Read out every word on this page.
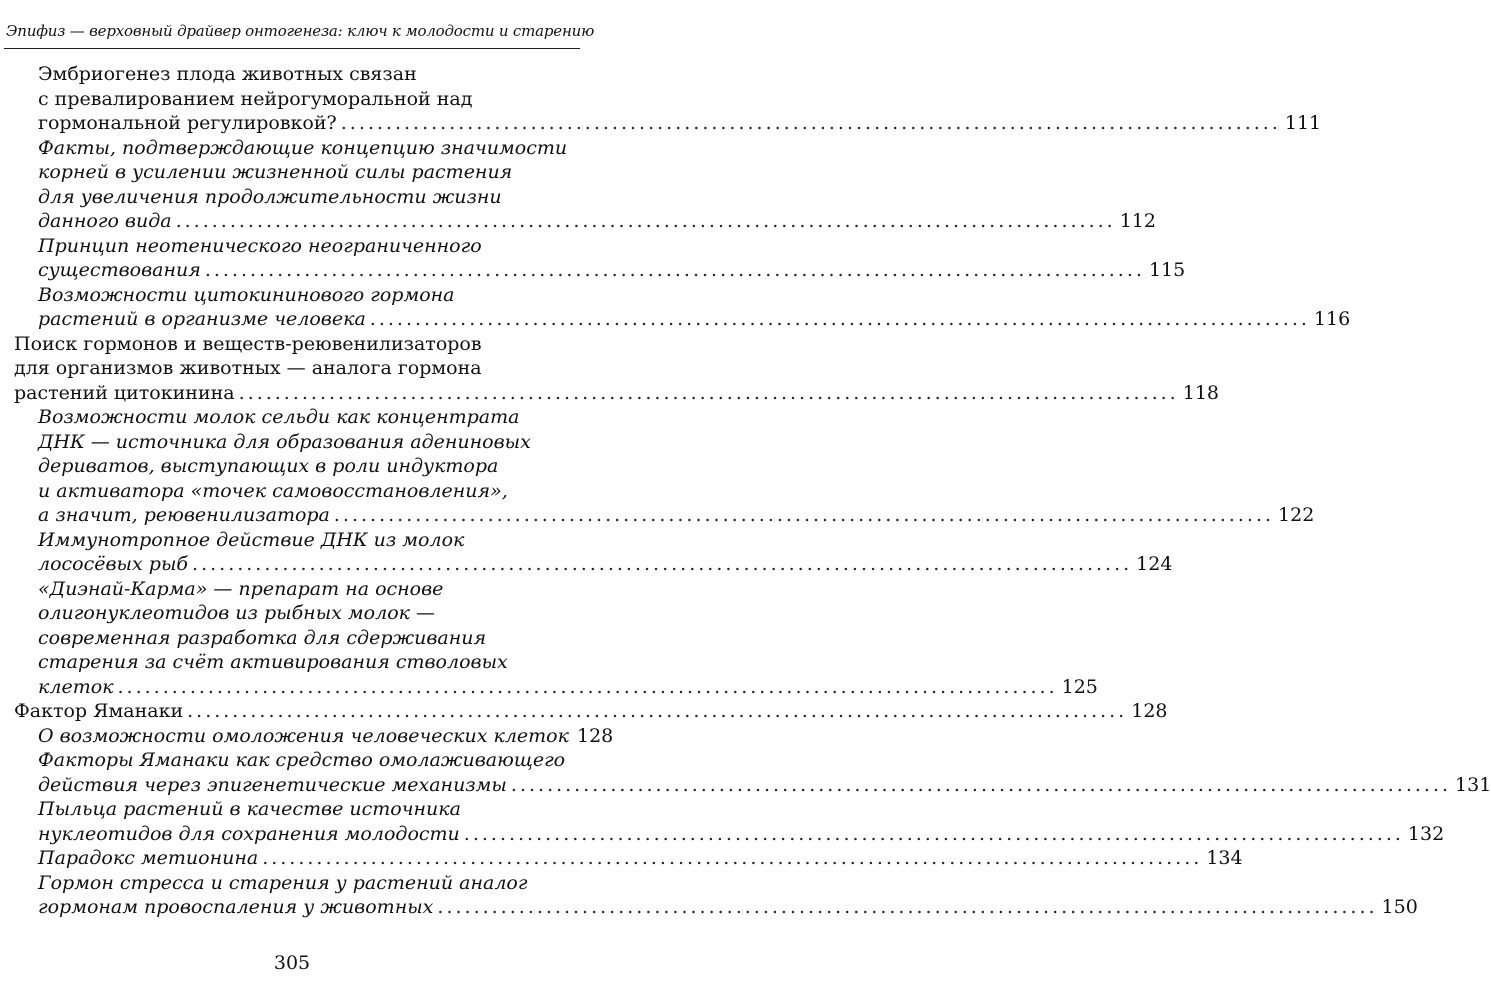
Эпифиз — верховный драйвер онтогенеза: ключ к молодости и старению
Эмбриогенез плода животных связан
с превалированием нейрогуморальной над
гормональной регулировкой? .....	111
Факты, подтверждающие концепцию значимости
корней в усилении жизненной силы растения
для увеличения продолжительности жизни
данного вида .....	112
Принцип неотенического неограниченного
существования .....	115
Возможности цитокининового гормона
растений в организме человека .....	116
Поиск гормонов и веществ-реювенилизаторов
для организмов животных — аналога гормона
растений цитокинина .....	118
Возможности молок сельди как концентрата
ДНК — источника для образования адениновых
дериватов, выступающих в роли индуктора
и активатора «точек самовосстановления»,
а значит, реювенилизатора .....	122
Иммунотропное действие ДНК из молок
лососёвых рыб .....	124
«Диэнай-Карма» — препарат на основе
олигонуклеотидов из рыбных молок —
современная разработка для сдерживания
старения за счёт активирования стволовых
клеток .....	125
Фактор Яманаки .....	128
О возможности омоложения человеческих клеток 128
Факторы Яманаки как средство омолаживающего
действия через эпигенетические механизмы .....	131
Пыльца растений в качестве источника
нуклеотидов для сохранения молодости .....	132
Парадокс метионина .....	134
Гормон стресса и старения у растений аналог
гормонам провоспаления у животных .....	150
305
